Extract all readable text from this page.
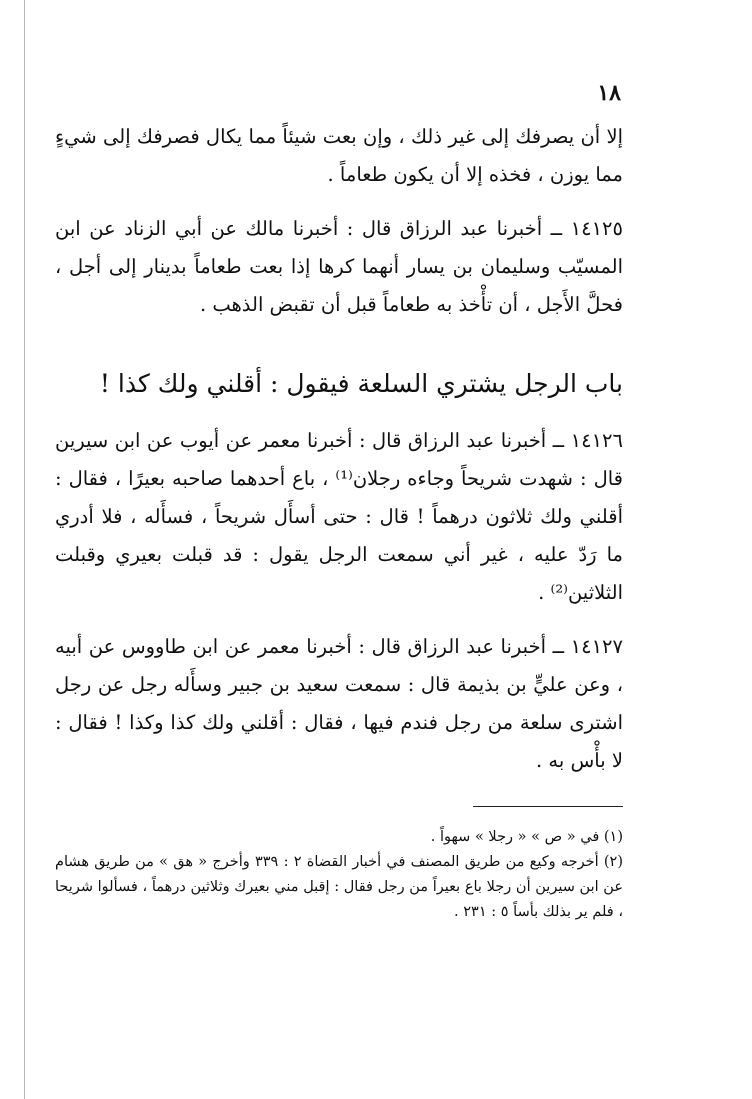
١٨

إلا أن يصرفك إلى غير ذلك ، وإن بعت شيئاً مما يكال فصرفك إلى شيءٍ مما يوزن ، فخذه إلا أن يكون طعاماً .

١٤١٢٥ ــ أخبرنا عبد الرزاق قال : أخبرنا مالك عن أبي الزناد عن ابن المسيّب وسليمان بن يسار أنهما كرها إذا بعت طعاماً بدينار إلى أجل ، فحلَّ الأَجل ، أن تأْخذ به طعاماً قبل أن تقبض الذهب .

باب الرجل يشتري السلعة فيقول : أقلني ولك كذا !

١٤١٢٦ ــ أخبرنا عبد الرزاق قال : أخبرنا معمر عن أيوب عن ابن سيرين قال : شهدت شريحاً وجاءه رجلان⁽¹⁾ ، باع أحدهما صاحبه بعيرًا ، فقال : أقلني ولك ثلاثون درهماً ! قال : حتى أسأَل شريحاً ، فسأَله ، فلا أدري ما رَدّ عليه ، غير أني سمعت الرجل يقول : قد قبلت بعيري وقبلت الثلاثين⁽²⁾ .

١٤١٢٧ ــ أخبرنا عبد الرزاق قال : أخبرنا معمر عن ابن طاووس عن أبيه ، وعن عليٍّ بن بذيمة قال : سمعت سعيد بن جبير وسأَله رجل عن رجل اشترى سلعة من رجل فندم فيها ، فقال : أقلني ولك كذا وكذا ! فقال : لا بأْس به .

(١) في « ص » « رجلا » سهواً .

(٢) أخرجه وكيع من طريق المصنف في أخبار القضاة ٢ : ٣٣٩ وأخرج « هق » من طريق هشام عن ابن سيرين أن رجلا باع بعيراً من رجل فقال : إقبل مني بعيرك وثلاثين درهماً ، فسألوا شريحا ، فلم ير بذلك بأساً ٥ : ٢٣١ .
